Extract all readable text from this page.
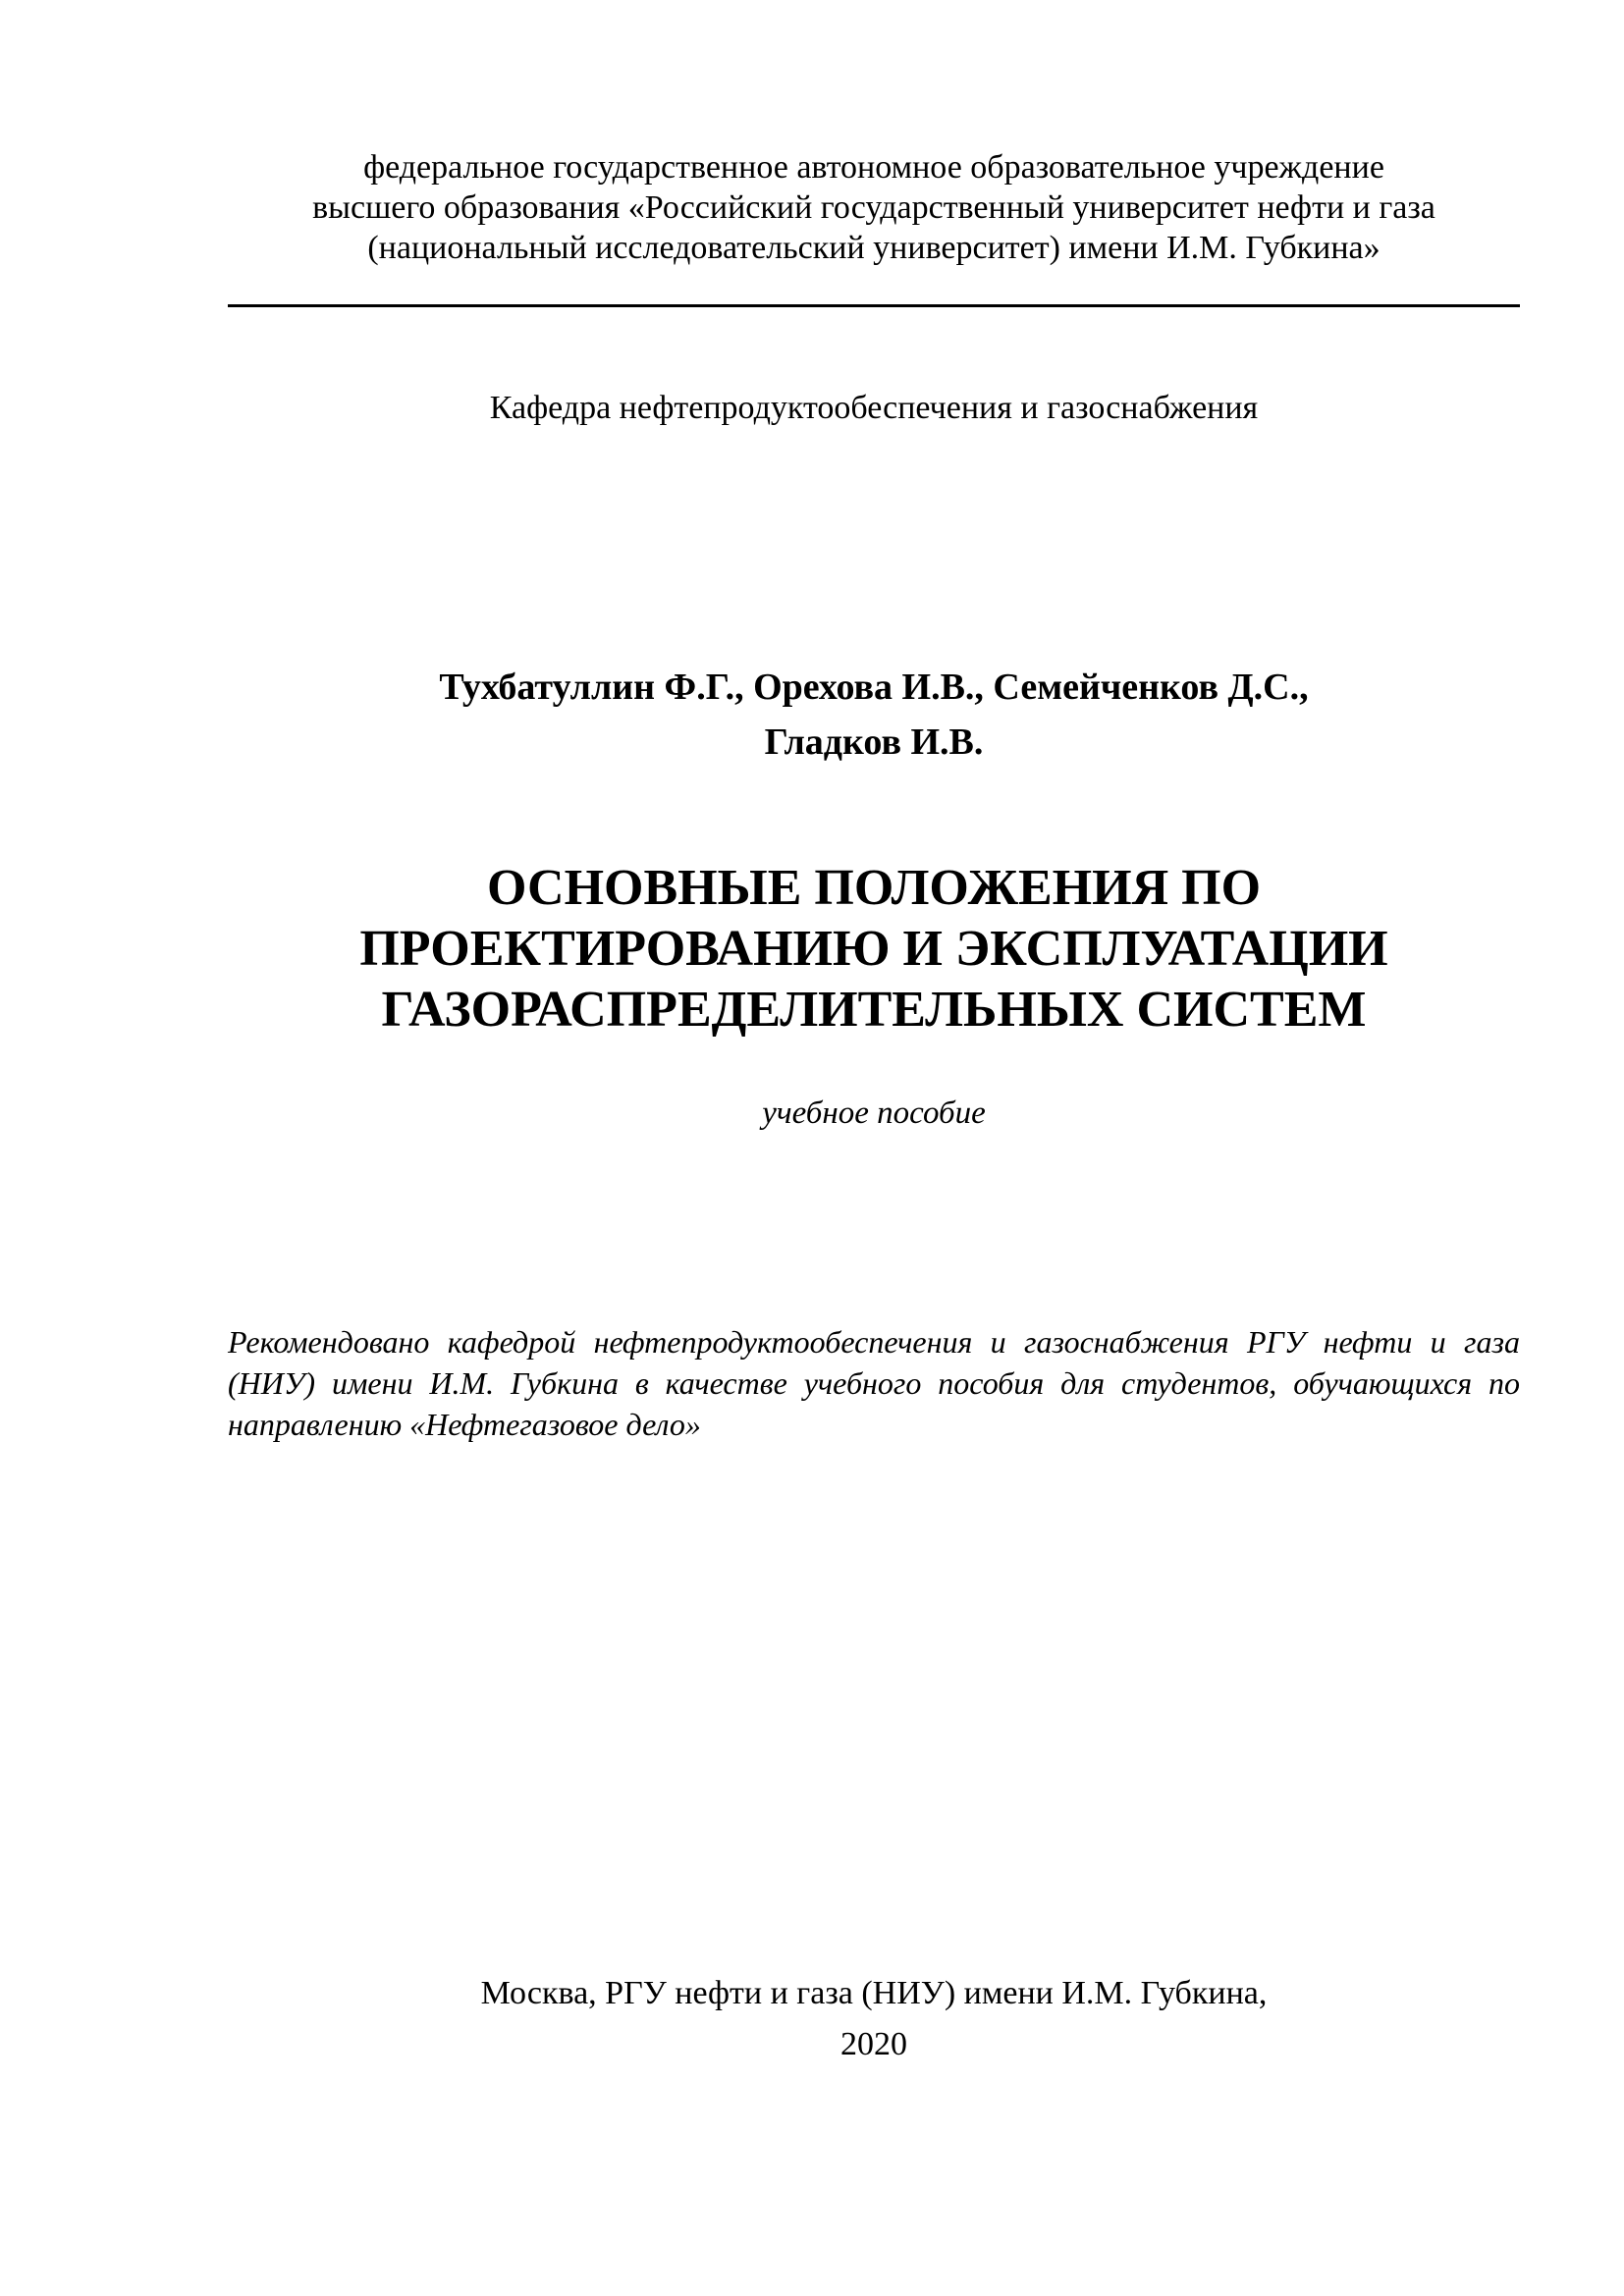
федеральное государственное автономное образовательное учреждение
высшего образования «Российский государственный университет нефти и газа
(национальный исследовательский университет) имени И.М. Губкина»
Кафедра нефтепродуктообеспечения и газоснабжения
Тухбатуллин Ф.Г., Орехова И.В., Семейченков Д.С.,
Гладков И.В.
ОСНОВНЫЕ ПОЛОЖЕНИЯ ПО
ПРОЕКТИРОВАНИЮ И ЭКСПЛУАТАЦИИ
ГАЗОРАСПРЕДЕЛИТЕЛЬНЫХ СИСТЕМ
учебное пособие
Рекомендовано кафедрой нефтепродуктообеспечения и газоснабжения РГУ нефти и газа
(НИУ) имени И.М. Губкина в качестве учебного пособия для студентов, обучающихся по
направлению «Нефтегазовое дело»
Москва, РГУ нефти и газа (НИУ) имени И.М. Губкина,
2020
